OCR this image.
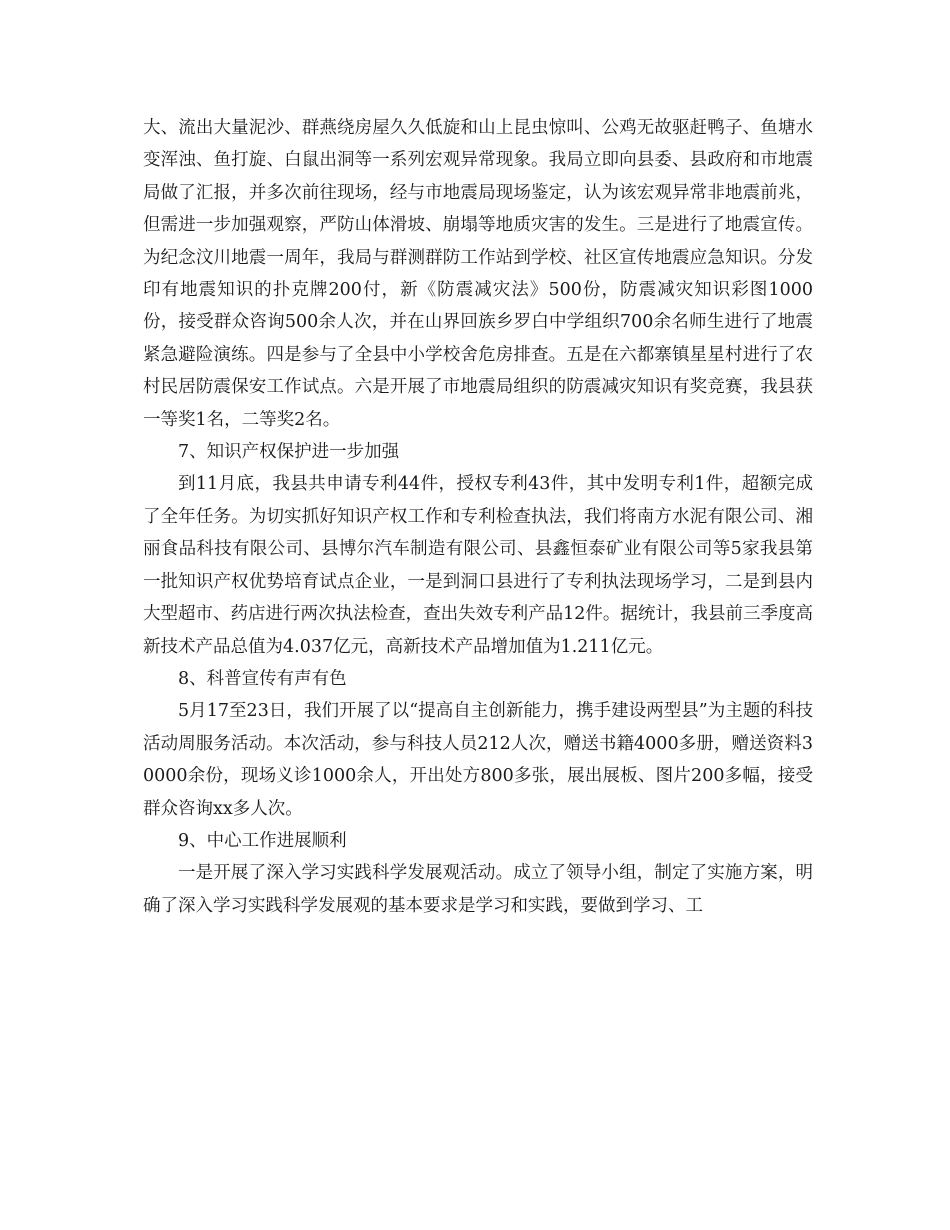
大、流出大量泥沙、群燕绕房屋久久低旋和山上昆虫惊叫、公鸡无故驱赶鸭子、鱼塘水变浑浊、鱼打旋、白鼠出洞等一系列宏观异常现象。我局立即向县委、县政府和市地震局做了汇报，并多次前往现场，经与市地震局现场鉴定，认为该宏观异常非地震前兆，但需进一步加强观察，严防山体滑坡、崩塌等地质灾害的发生。三是进行了地震宣传。为纪念汶川地震一周年，我局与群测群防工作站到学校、社区宣传地震应急知识。分发印有地震知识的扑克牌200付，新《防震减灾法》500份，防震减灾知识彩图1000份，接受群众咨询500余人次，并在山界回族乡罗白中学组织700余名师生进行了地震紧急避险演练。四是参与了全县中小学校舍危房排查。五是在六都寨镇星星村进行了农村民居防震保安工作试点。六是开展了市地震局组织的防震减灾知识有奖竞赛，我县获一等奖1名，二等奖2名。

7、知识产权保护进一步加强

到11月底，我县共申请专利44件，授权专利43件，其中发明专利1件，超额完成了全年任务。为切实抓好知识产权工作和专利检查执法，我们将南方水泥有限公司、湘丽食品科技有限公司、县博尔汽车制造有限公司、县鑫恒泰矿业有限公司等5家我县第一批知识产权优势培育试点企业，一是到洞口县进行了专利执法现场学习，二是到县内大型超市、药店进行两次执法检查，查出失效专利产品12件。据统计，我县前三季度高新技术产品总值为4.037亿元，高新技术产品增加值为1.211亿元。

8、科普宣传有声有色

5月17至23日，我们开展了以“提高自主创新能力，携手建设两型县”为主题的科技活动周服务活动。本次活动，参与科技人员212人次，赠送书籍4000多册，赠送资料30000余份，现场义诊1000余人，开出处方800多张，展出展板、图片200多幅，接受群众咨询xx多人次。

9、中心工作进展顺利

一是开展了深入学习实践科学发展观活动。成立了领导小组，制定了实施方案，明确了深入学习实践科学发展观的基本要求是学习和实践，要做到学习、工
